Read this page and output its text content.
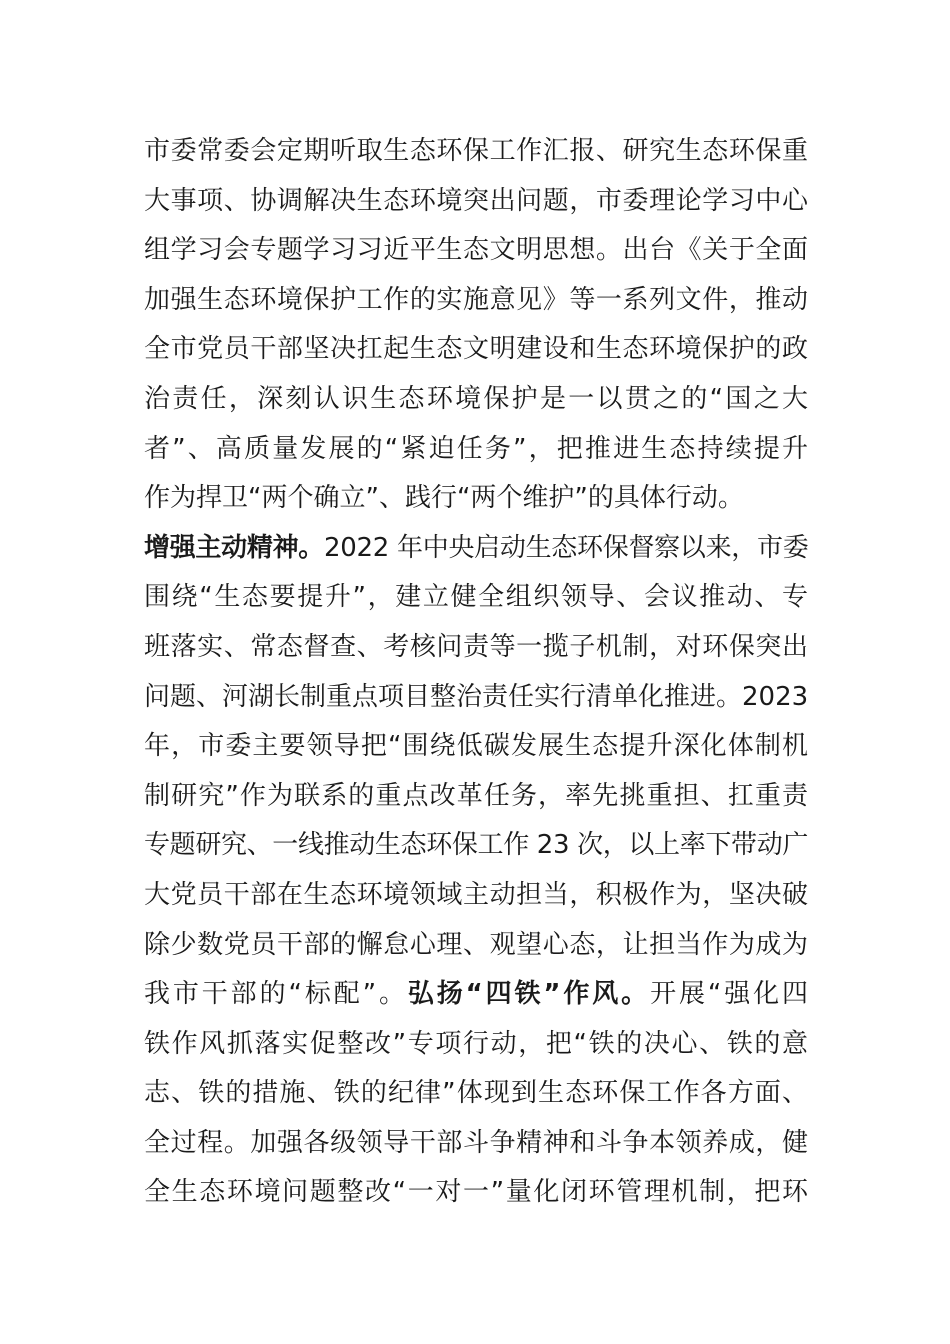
市委常委会定期听取生态环保工作汇报、研究生态环保重
大事项、协调解决生态环境突出问题，市委理论学习中心
组学习会专题学习习近平生态文明思想。出台《关于全面
加强生态环境保护工作的实施意见》等一系列文件，推动
全市党员干部坚决扛起生态文明建设和生态环境保护的政
治责任，深刻认识生态环境保护是一以贯之的“国之大
者”、高质量发展的“紧迫任务”，把推进生态持续提升
作为捍卫“两个确立”、践行“两个维护”的具体行动。
增强主动精神。2022 年中央启动生态环保督察以来，市委
围绕“生态要提升”，建立健全组织领导、会议推动、专
班落实、常态督查、考核问责等一揽子机制，对环保突出
问题、河湖长制重点项目整治责任实行清单化推进。2023
年，市委主要领导把“围绕低碳发展生态提升深化体制机
制研究”作为联系的重点改革任务，率先挑重担、扛重责
专题研究、一线推动生态环保工作 23 次，以上率下带动广
大党员干部在生态环境领域主动担当，积极作为，坚决破
除少数党员干部的懈怠心理、观望心态，让担当作为成为
我市干部的“标配”。弘扬“四铁”作风。开展“强化四
铁作风抓落实促整改”专项行动，把“铁的决心、铁的意
志、铁的措施、铁的纪律”体现到生态环保工作各方面、
全过程。加强各级领导干部斗争精神和斗争本领养成，健
全生态环境问题整改“一对一”量化闭环管理机制，把环
